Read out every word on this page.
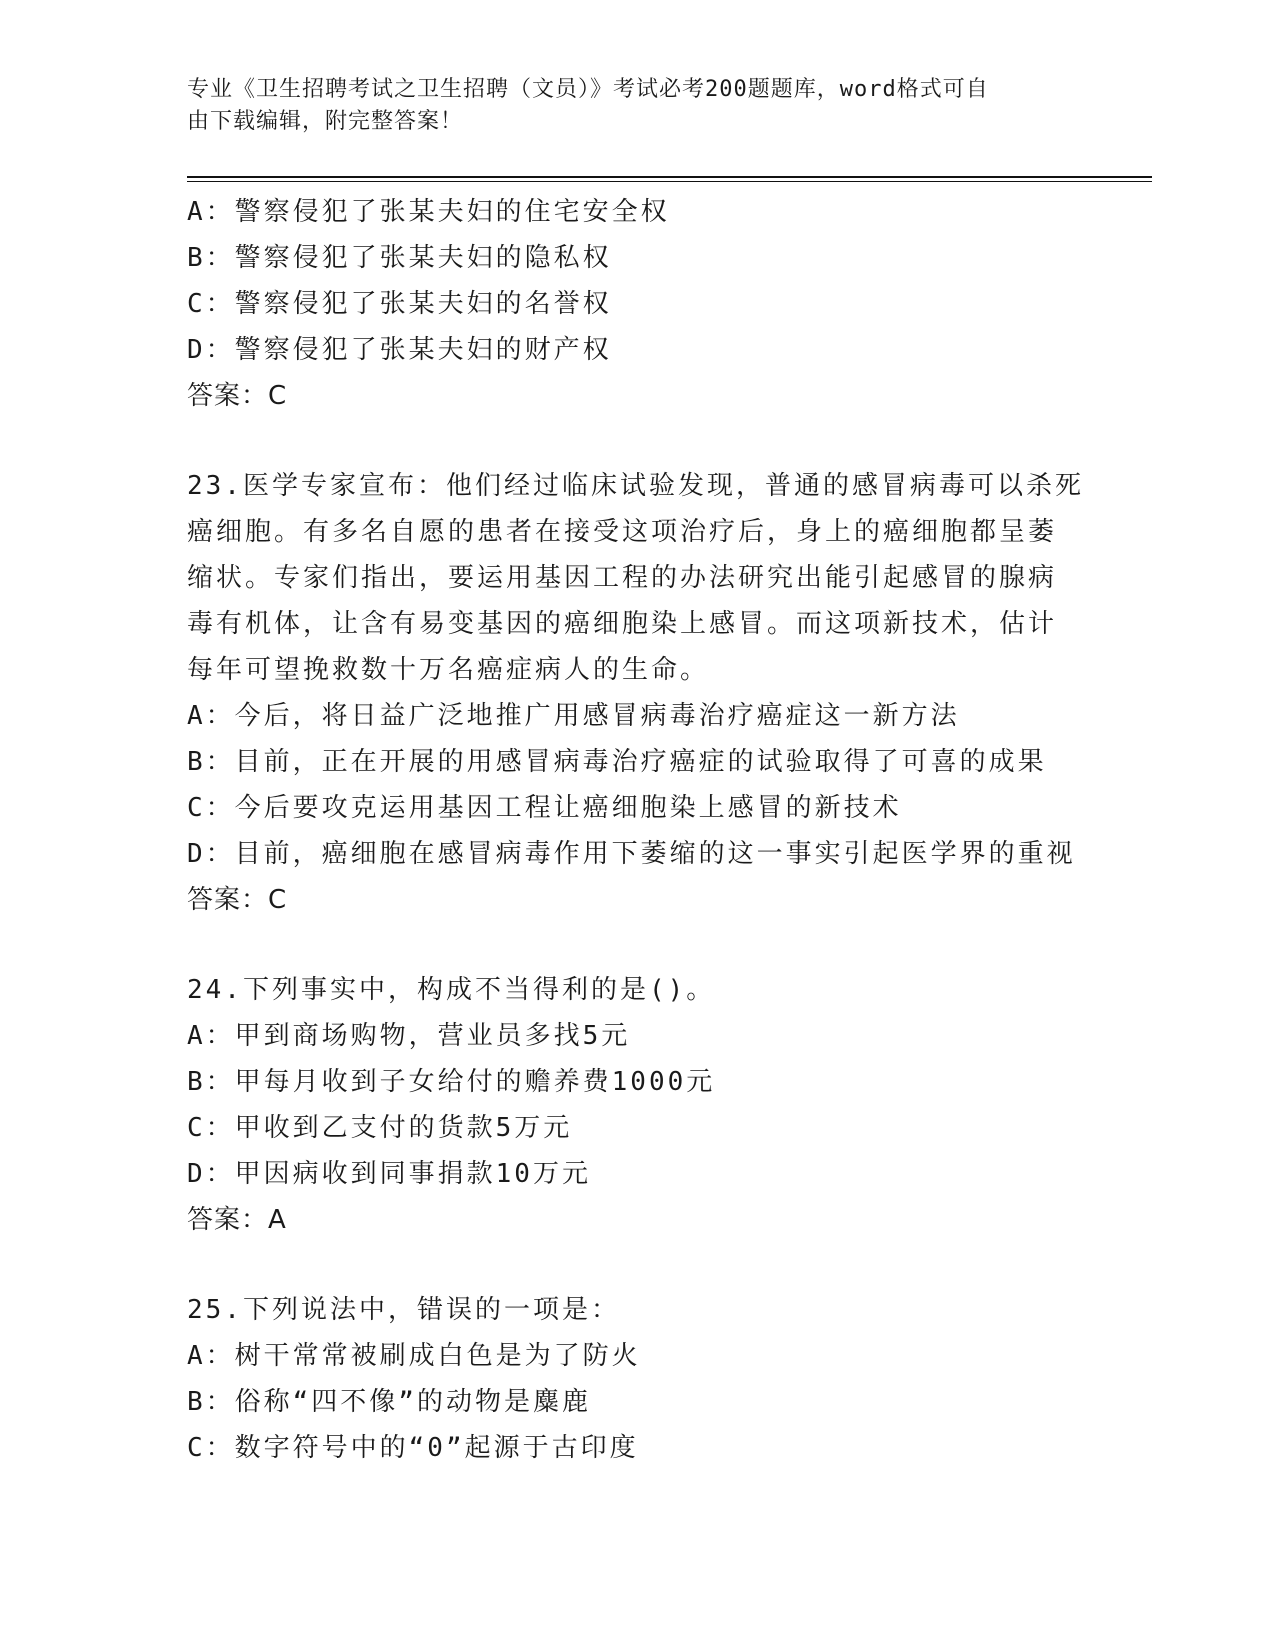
专业《卫生招聘考试之卫生招聘（文员）》考试必考200题题库，word格式可自
由下载编辑，附完整答案！
A：警察侵犯了张某夫妇的住宅安全权
B：警察侵犯了张某夫妇的隐私权
C：警察侵犯了张某夫妇的名誉权
D：警察侵犯了张某夫妇的财产权
答案：C
23.医学专家宣布：他们经过临床试验发现，普通的感冒病毒可以杀死
癌细胞。有多名自愿的患者在接受这项治疗后，身上的癌细胞都呈萎
缩状。专家们指出，要运用基因工程的办法研究出能引起感冒的腺病
毒有机体，让含有易变基因的癌细胞染上感冒。而这项新技术，估计
每年可望挽救数十万名癌症病人的生命。
A：今后，将日益广泛地推广用感冒病毒治疗癌症这一新方法
B：目前，正在开展的用感冒病毒治疗癌症的试验取得了可喜的成果
C：今后要攻克运用基因工程让癌细胞染上感冒的新技术
D：目前，癌细胞在感冒病毒作用下萎缩的这一事实引起医学界的重视
答案：C
24.下列事实中，构成不当得利的是()。
A：甲到商场购物，营业员多找5元
B：甲每月收到子女给付的赡养费1000元
C：甲收到乙支付的货款5万元
D：甲因病收到同事捐款10万元
答案：A
25.下列说法中，错误的一项是：
A：树干常常被刷成白色是为了防火
B：俗称“四不像”的动物是麋鹿
C：数字符号中的“0”起源于古印度
